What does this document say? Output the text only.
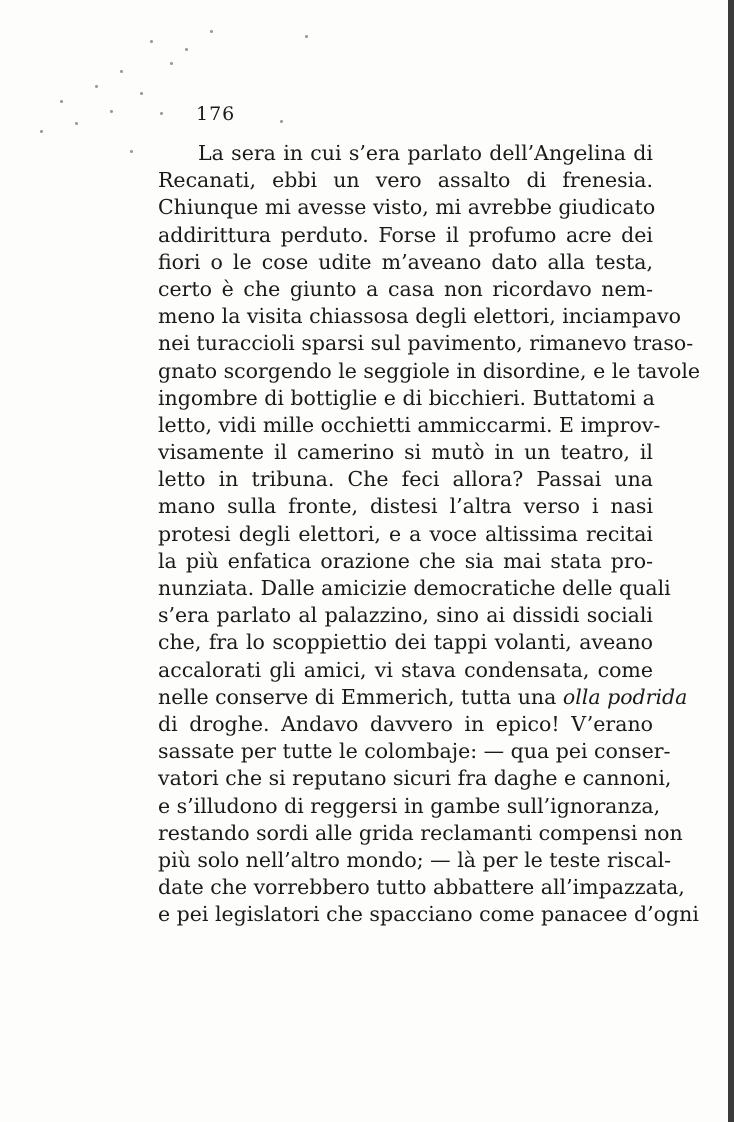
176
La sera in cui s’era parlato dell’Angelina di
Recanati, ebbi un vero assalto di frenesia.
Chiunque mi avesse visto, mi avrebbe giudicato
addirittura perduto. Forse il profumo acre dei
fiori o le cose udite m’aveano dato alla testa,
certo è che giunto a casa non ricordavo nem-
meno la visita chiassosa degli elettori, inciampavo
nei turaccioli sparsi sul pavimento, rimanevo traso-
gnato scorgendo le seggiole in disordine, e le tavole
ingombre di bottiglie e di bicchieri. Buttatomi a
letto, vidi mille occhietti ammiccarmi. E improv-
visamente il camerino si mutò in un teatro, il
letto in tribuna. Che feci allora? Passai una
mano sulla fronte, distesi l’altra verso i nasi
protesi degli elettori, e a voce altissima recitai
la più enfatica orazione che sia mai stata pro-
nunziata. Dalle amicizie democratiche delle quali
s’era parlato al palazzino, sino ai dissidi sociali
che, fra lo scoppiettio dei tappi volanti, aveano
accalorati gli amici, vi stava condensata, come
nelle conserve di Emmerich, tutta una olla podrida
di droghe. Andavo davvero in epico! V’erano
sassate per tutte le colombaje: — qua pei conser-
vatori che si reputano sicuri fra daghe e cannoni,
e s’illudono di reggersi in gambe sull’ignoranza,
restando sordi alle grida reclamanti compensi non
più solo nell’altro mondo; — là per le teste riscal-
date che vorrebbero tutto abbattere all’impazzata,
e pei legislatori che spacciano come panacee d’ogni
